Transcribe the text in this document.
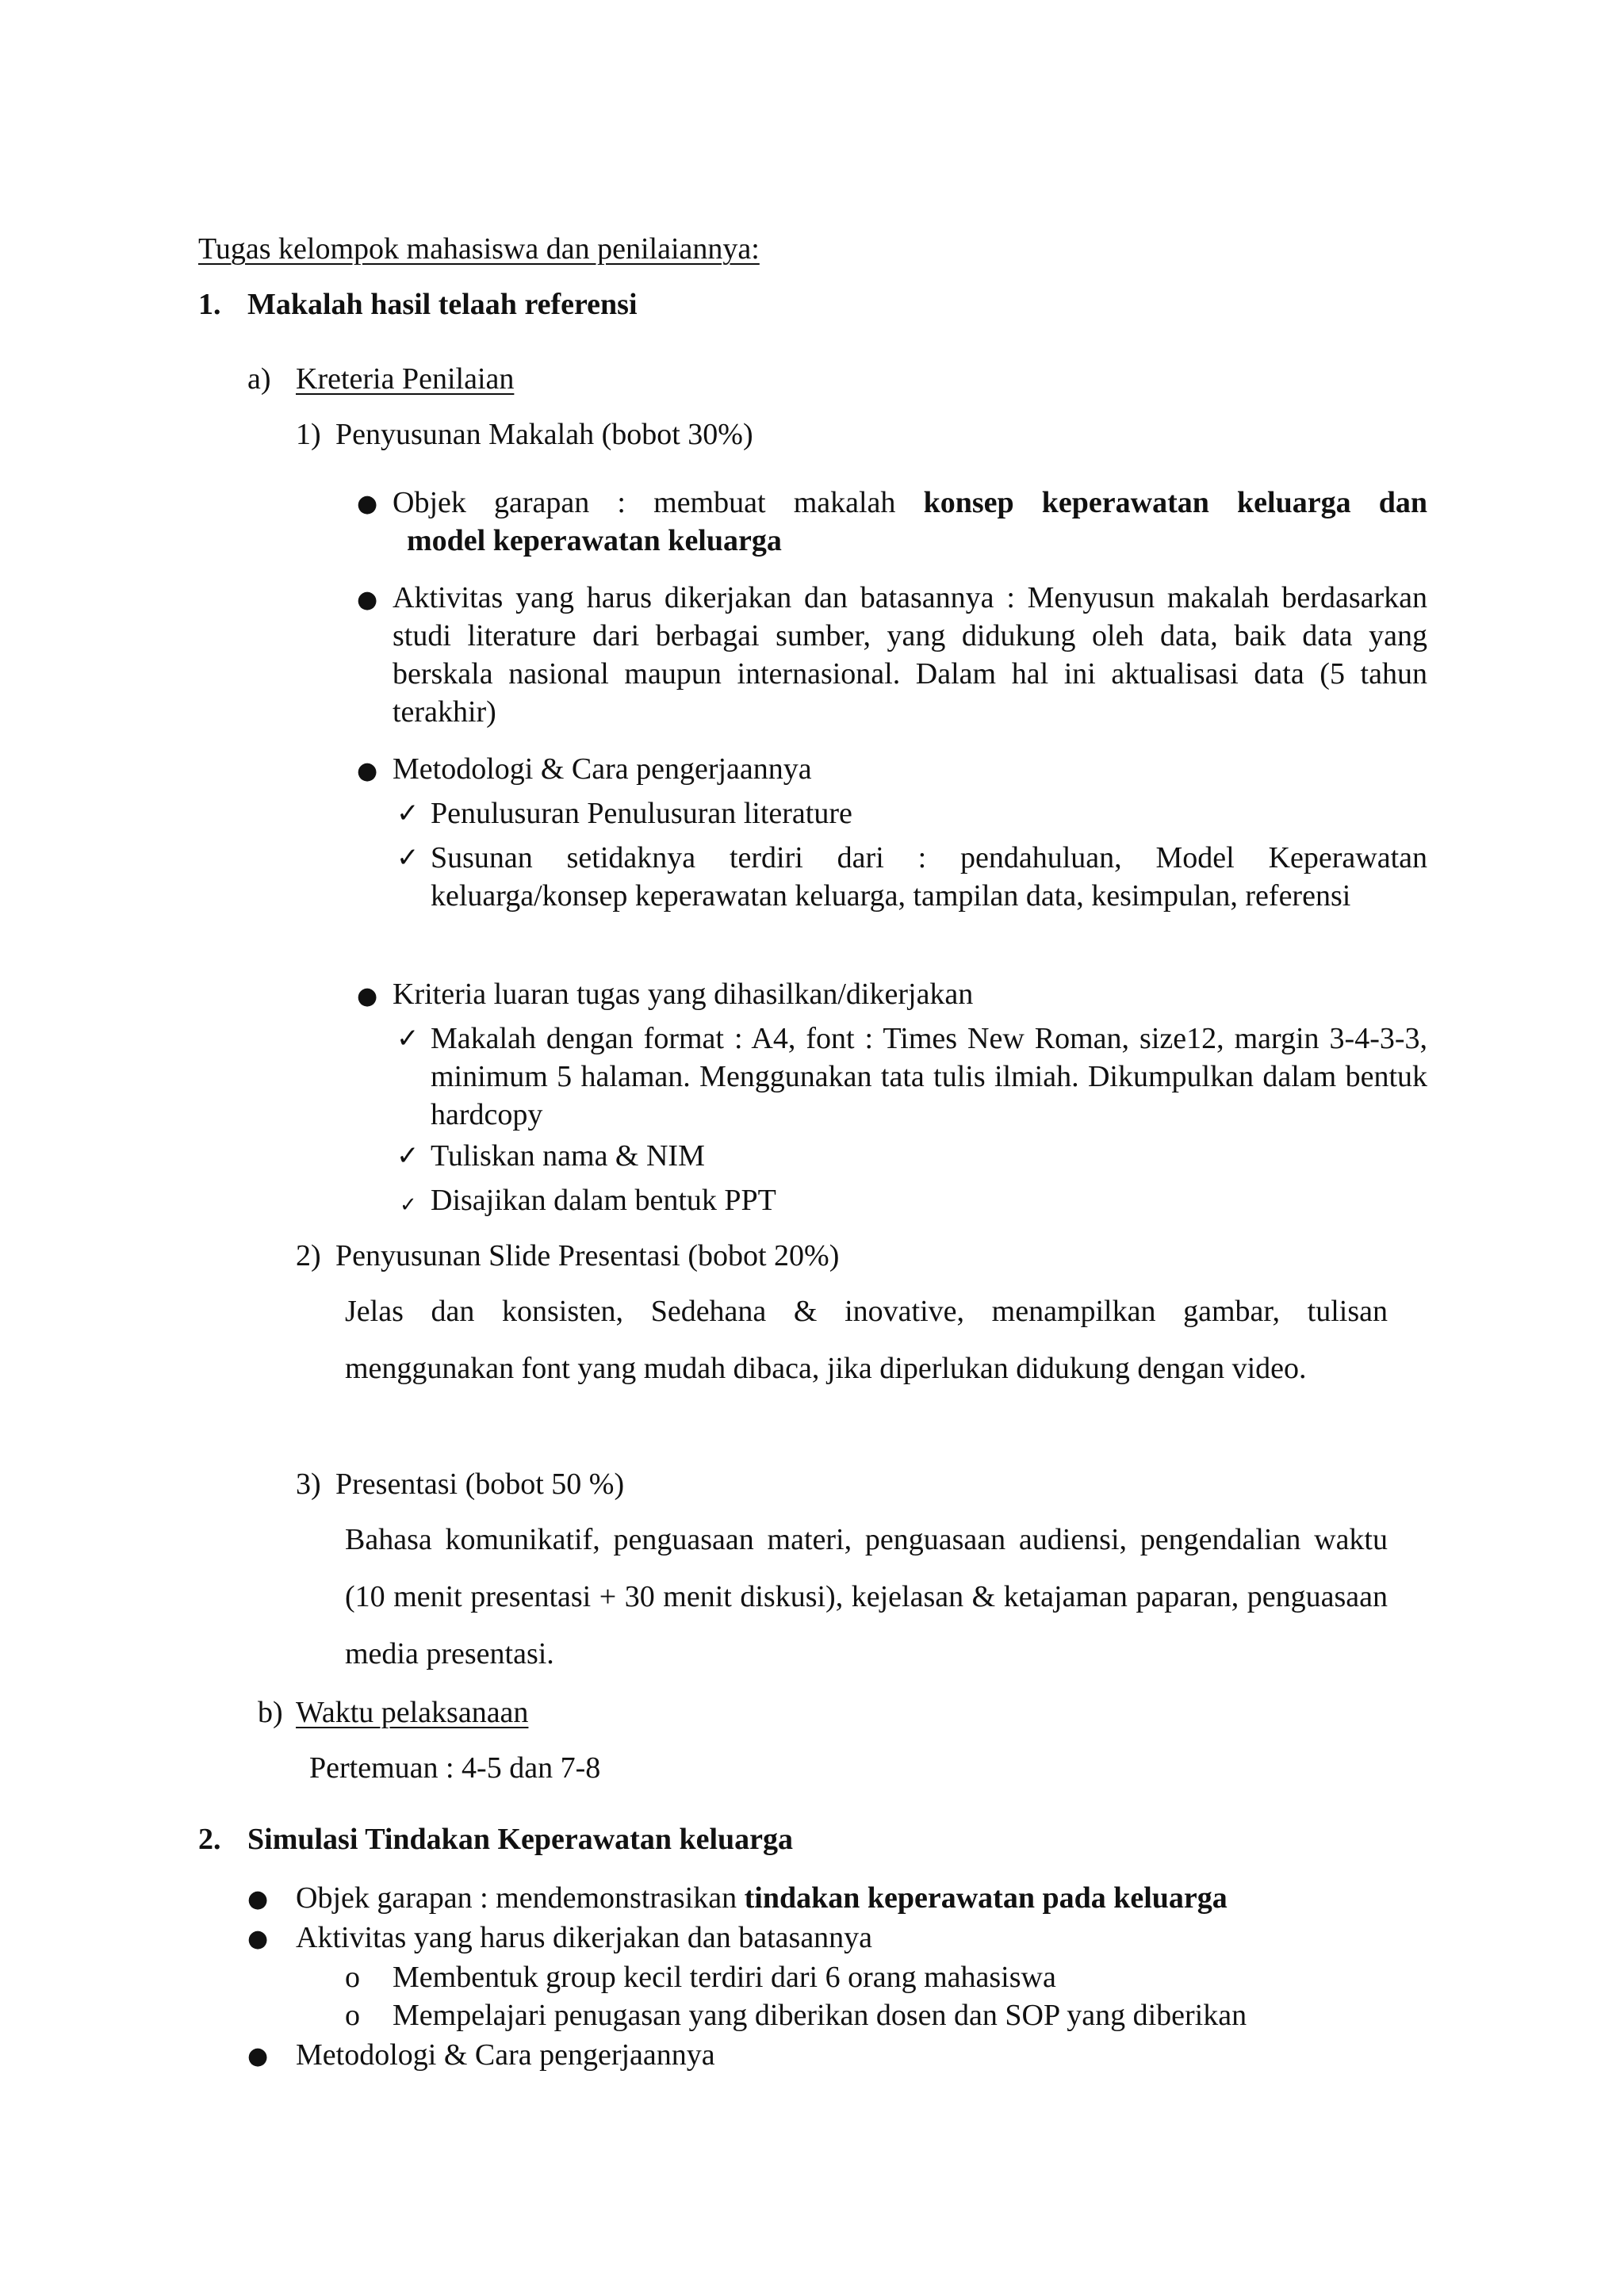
Tugas kelompok mahasiswa dan penilaiannya:
1. Makalah hasil telaah referensi
a) Kreteria Penilaian
1) Penyusunan Makalah (bobot 30%)
● Objek garapan : membuat makalah konsep keperawatan keluarga dan
model keperawatan keluarga
● Aktivitas yang harus dikerjakan dan batasannya : Menyusun makalah berdasarkan studi literature dari berbagai sumber, yang didukung oleh data, baik data yang berskala nasional maupun internasional. Dalam hal ini aktualisasi data (5 tahun terakhir)
● Metodologi & Cara pengerjaannya
✓ Penulusuran Penulusuran literature
✓ Susunan setidaknya terdiri dari : pendahuluan, Model Keperawatan keluarga/konsep keperawatan keluarga, tampilan data, kesimpulan, referensi
● Kriteria luaran tugas yang dihasilkan/dikerjakan
✓ Makalah dengan format : A4, font : Times New Roman, size12, margin 3-4-3-3, minimum 5 halaman. Menggunakan tata tulis ilmiah. Dikumpulkan dalam bentuk hardcopy
✓ Tuliskan nama & NIM
✓ Disajikan dalam bentuk PPT
2) Penyusunan Slide Presentasi (bobot 20%)
Jelas dan konsisten, Sedehana & inovative, menampilkan gambar, tulisan menggunakan font yang mudah dibaca, jika diperlukan didukung dengan video.
3) Presentasi (bobot 50 %)
Bahasa komunikatif, penguasaan materi, penguasaan audiensi, pengendalian waktu (10 menit presentasi + 30 menit diskusi), kejelasan & ketajaman paparan, penguasaan media presentasi.
b) Waktu pelaksanaan
Pertemuan : 4-5 dan 7-8
2. Simulasi Tindakan Keperawatan keluarga
● Objek garapan : mendemonstrasikan tindakan keperawatan pada keluarga
● Aktivitas yang harus dikerjakan dan batasannya
o Membentuk group kecil terdiri dari 6 orang mahasiswa
o Mempelajari penugasan yang diberikan dosen dan SOP yang diberikan
● Metodologi & Cara pengerjaannya
